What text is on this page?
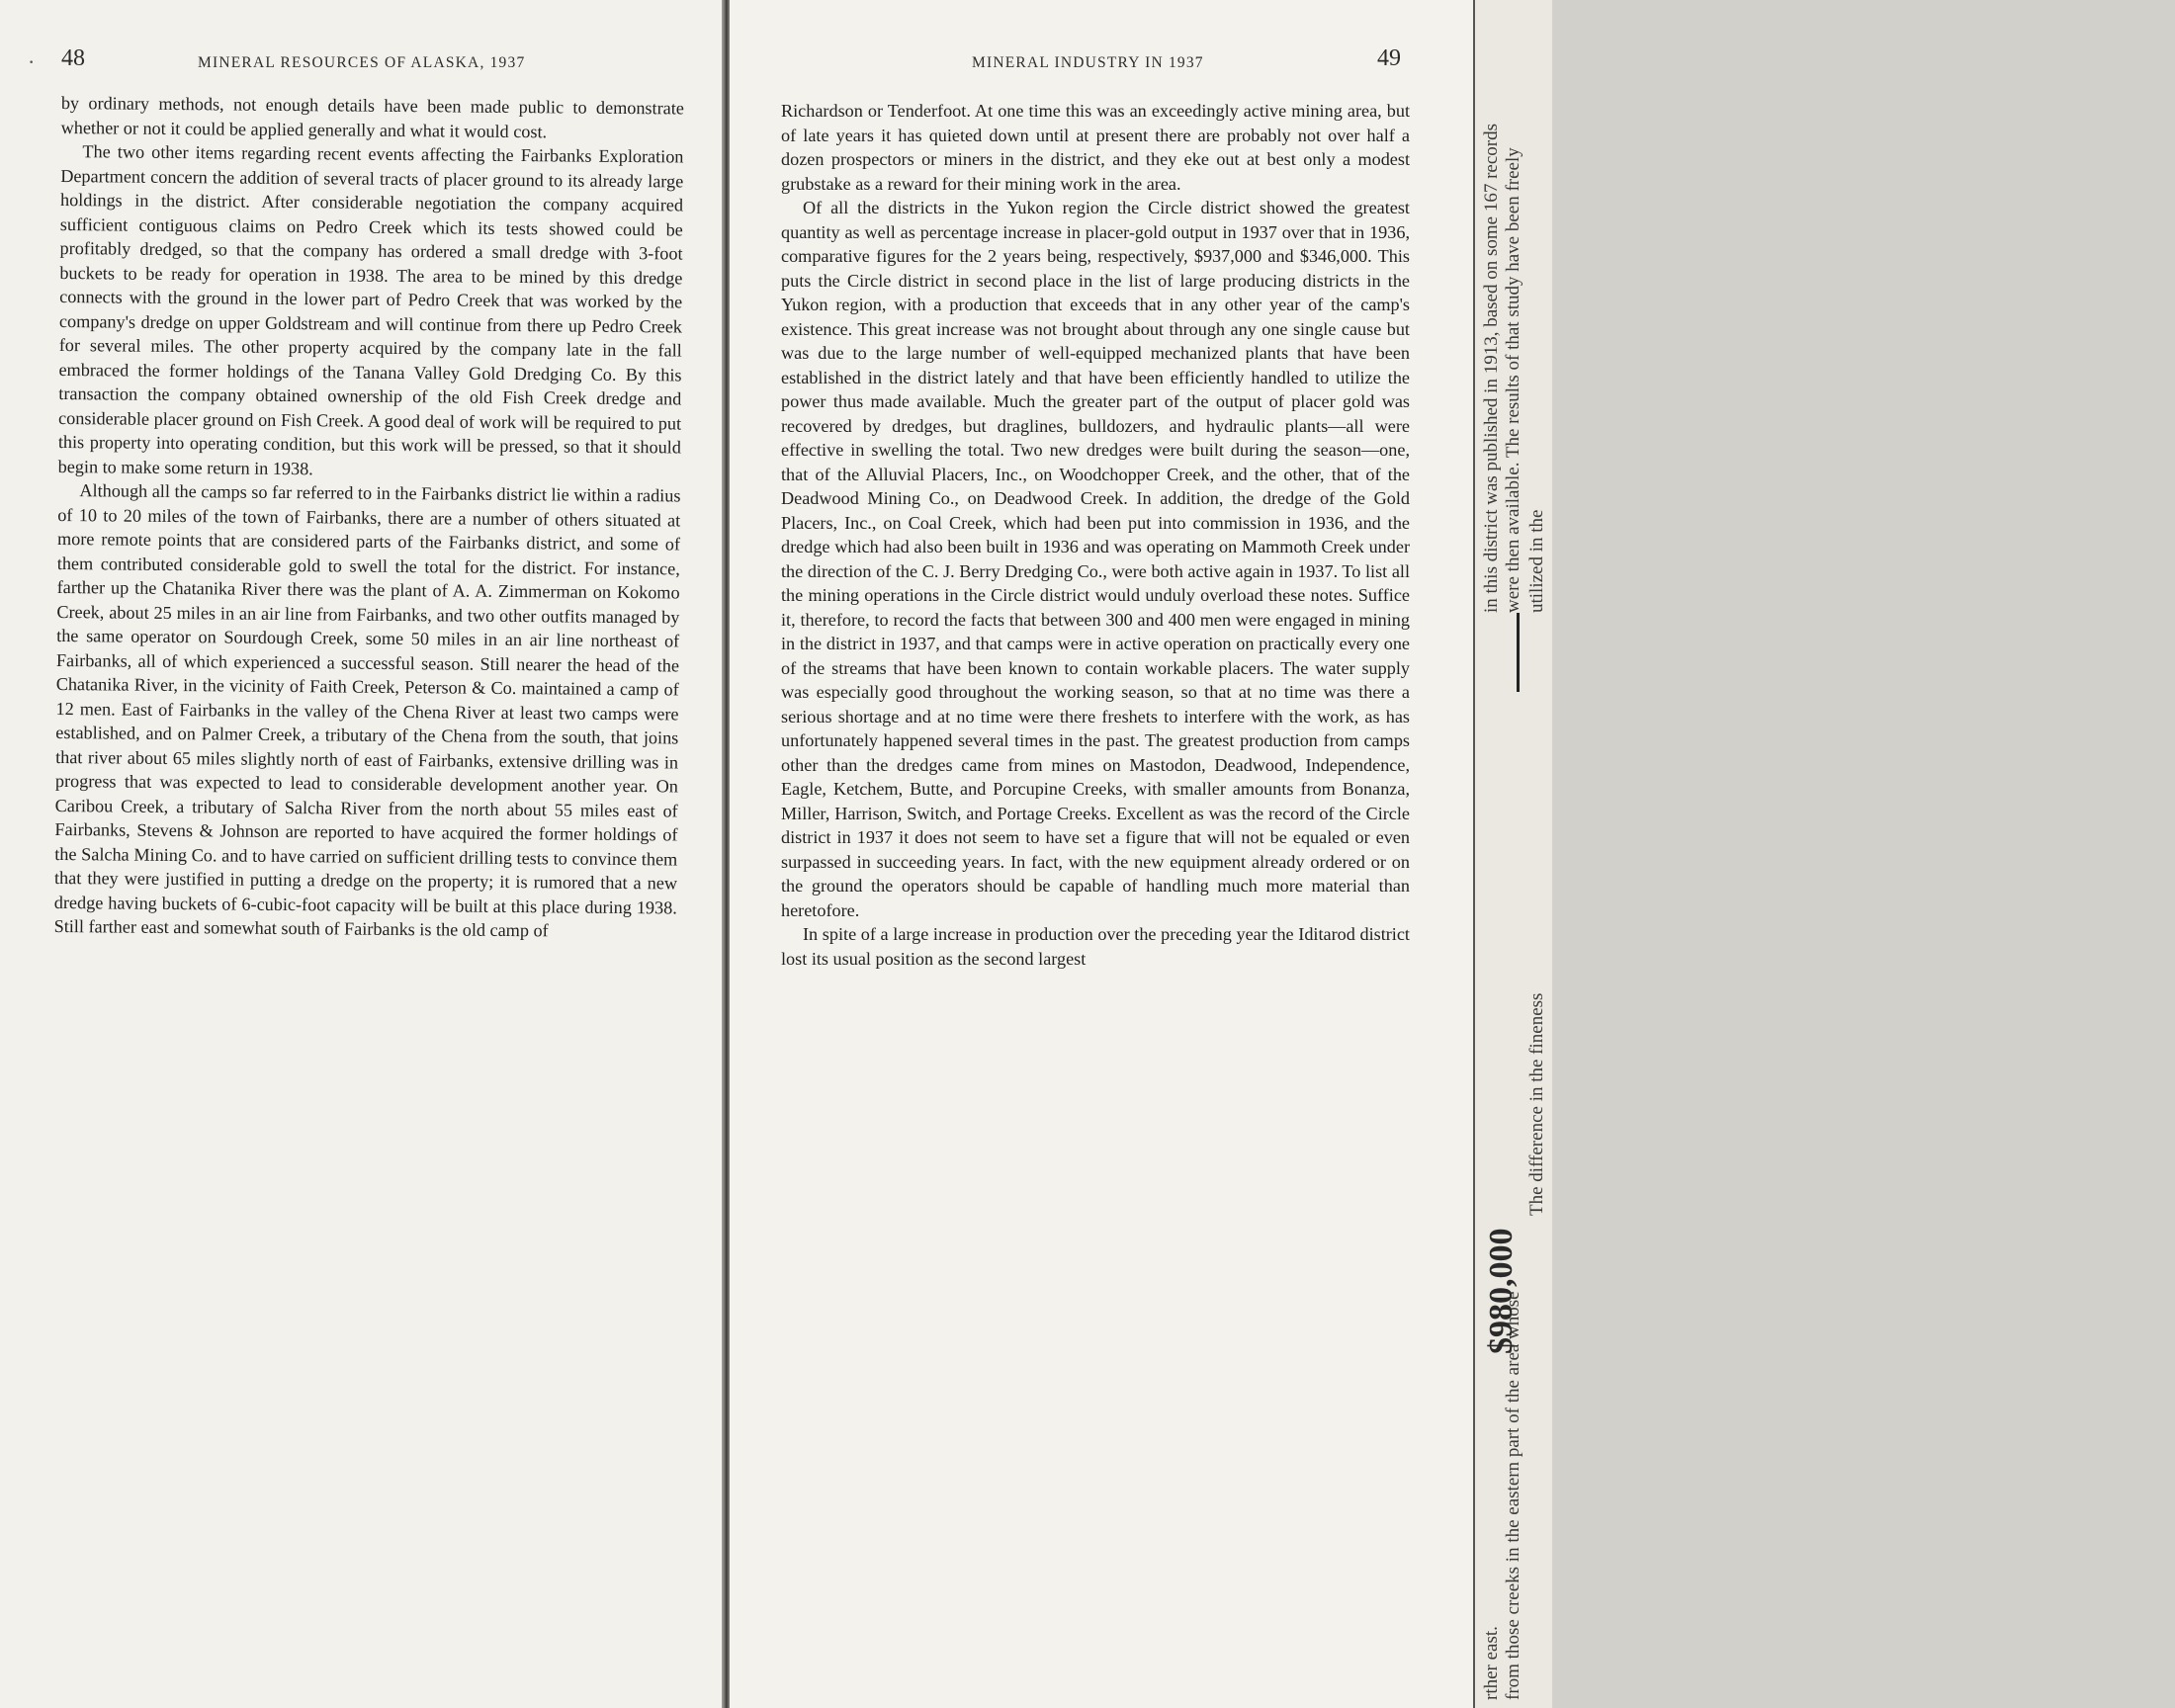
· 48	MINERAL RESOURCES OF ALASKA, 1937

by ordinary methods, not enough details have been made public to demonstrate whether or not it could be applied generally and what it would cost.

The two other items regarding recent events affecting the Fairbanks Exploration Department concern the addition of several tracts of placer ground to its already large holdings in the district. After considerable negotiation the company acquired sufficient contiguous claims on Pedro Creek which its tests showed could be profitably dredged, so that the company has ordered a small dredge with 3-foot buckets to be ready for operation in 1938. The area to be mined by this dredge connects with the ground in the lower part of Pedro Creek that was worked by the company's dredge on upper Goldstream and will continue from there up Pedro Creek for several miles. The other property acquired by the company late in the fall embraced the former holdings of the Tanana Valley Gold Dredging Co. By this transaction the company obtained ownership of the old Fish Creek dredge and considerable placer ground on Fish Creek. A good deal of work will be required to put this property into operating condition, but this work will be pressed, so that it should begin to make some return in 1938.

Although all the camps so far referred to in the Fairbanks district lie within a radius of 10 to 20 miles of the town of Fairbanks, there are a number of others situated at more remote points that are considered parts of the Fairbanks district, and some of them contributed considerable gold to swell the total for the district. For instance, farther up the Chatanika River there was the plant of A. A. Zimmerman on Kokomo Creek, about 25 miles in an air line from Fairbanks, and two other outfits managed by the same operator on Sourdough Creek, some 50 miles in an air line northeast of Fairbanks, all of which experienced a successful season. Still nearer the head of the Chatanika River, in the vicinity of Faith Creek, Peterson & Co. maintained a camp of 12 men. East of Fairbanks in the valley of the Chena River at least two camps were established, and on Palmer Creek, a tributary of the Chena from the south, that joins that river about 65 miles slightly north of east of Fairbanks, extensive drilling was in progress that was expected to lead to considerable development another year. On Caribou Creek, a tributary of Salcha River from the north about 55 miles east of Fairbanks, Stevens & Johnson are reported to have acquired the former holdings of the Salcha Mining Co. and to have carried on sufficient drilling tests to convince them that they were justified in putting a dredge on the property; it is rumored that a new dredge having buckets of 6-cubic-foot capacity will be built at this place during 1938. Still farther east and somewhat south of Fairbanks is the old camp of

MINERAL INDUSTRY IN 1937	49

Richardson or Tenderfoot. At one time this was an exceedingly active mining area, but of late years it has quieted down until at present there are probably not over half a dozen prospectors or miners in the district, and they eke out at best only a modest grubstake as a reward for their mining work in the area.

Of all the districts in the Yukon region the Circle district showed the greatest quantity as well as percentage increase in placer-gold output in 1937 over that in 1936, comparative figures for the 2 years being, respectively, $937,000 and $346,000. This puts the Circle district in second place in the list of large producing districts in the Yukon region, with a production that exceeds that in any other year of the camp's existence. This great increase was not brought about through any one single cause but was due to the large number of well-equipped mechanized plants that have been established in the district lately and that have been efficiently handled to utilize the power thus made available. Much the greater part of the output of placer gold was recovered by dredges, but draglines, bulldozers, and hydraulic plants—all were effective in swelling the total. Two new dredges were built during the season—one, that of the Alluvial Placers, Inc., on Woodchopper Creek, and the other, that of the Deadwood Mining Co., on Deadwood Creek. In addition, the dredge of the Gold Placers, Inc., on Coal Creek, which had been put into commission in 1936, and the dredge which had also been built in 1936 and was operating on Mammoth Creek under the direction of the C. J. Berry Dredging Co., were both active again in 1937. To list all the mining operations in the Circle district would unduly overload these notes. Suffice it, therefore, to record the facts that between 300 and 400 men were engaged in mining in the district in 1937, and that camps were in active operation on practically every one of the streams that have been known to contain workable placers. The water supply was especially good throughout the working season, so that at no time was there a serious shortage and at no time were there freshets to interfere with the work, as has unfortunately happened several times in the past. The greatest production from camps other than the dredges came from mines on Mastodon, Deadwood, Independence, Eagle, Ketchem, Butte, and Porcupine Creeks, with smaller amounts from Bonanza, Miller, Harrison, Switch, and Portage Creeks. Excellent as was the record of the Circle district in 1937 it does not seem to have set a figure that will not be equaled or even surpassed in succeeding years. In fact, with the new equipment already ordered or on the ground the operators should be capable of handling much more material than heretofore.

In spite of a large increase in production over the preceding year the Iditarod district lost its usual position as the second largest

in this district was published in 1913, based on some 167 records were then available. The results of that study have been freely utilized in the
rther east. from those creeks in the eastern part of the area whose
$980,000
The difference in the fineness
